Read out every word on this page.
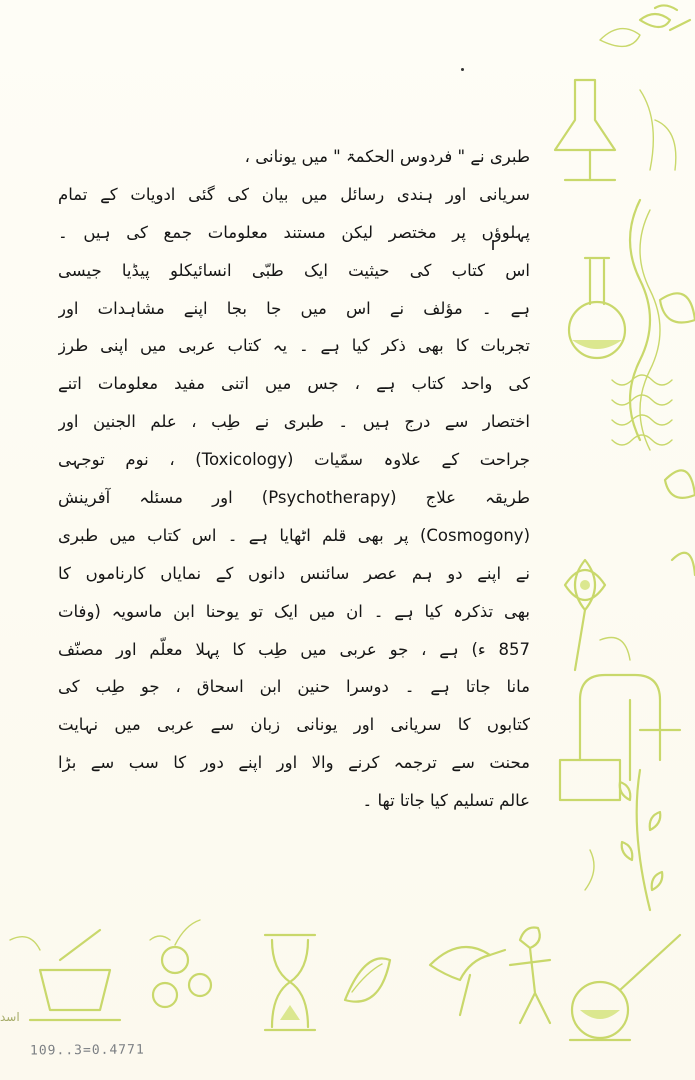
طبری نے " فردوس الحکمۃ " میں یونانی ،
سریانی اور ہندی رسائل میں بیان کی گئی ادویات کے تمام
پہلوؤں پر مختصر لیکن مستند معلومات جمع کی ہیں ۔
اس کتاب کی حیثیت ایک طبّی انسائیکلو پیڈیا جیسی
ہے ۔ مؤلف نے اس میں جا بجا اپنے مشاہدات اور
تجربات کا بھی ذکر کیا ہے ۔ یہ کتاب عربی میں اپنی طرز
کی واحد کتاب ہے ، جس میں اتنی مفید معلومات اتنے
اختصار سے درج ہیں ۔ طبری نے طِب ، علم الجنین اور
جراحت کے علاوہ سمّیات (Toxicology) ، نوم توجہی
طریقہ علاج (Psychotherapy) اور مسئلہ آفرینش
(Cosmogony) پر بھی قلم اٹھایا ہے ۔ اس کتاب میں طبری
نے اپنے دو ہم عصر سائنس دانوں کے نمایاں کارناموں کا
بھی تذکرہ کیا ہے ۔ ان میں ایک تو یوحنا ابن ماسویہ (وفات
857 ء) ہے ، جو عربی میں طِب کا پہلا معلّم اور مصنّف
مانا جاتا ہے ۔ دوسرا حنین ابن اسحاق ، جو طِب کی
کتابوں کا سریانی اور یونانی زبان سے عربی میں نہایت
محنت سے ترجمہ کرنے والا اور اپنے دور کا سب سے بڑا
عالم تسلیم کیا جاتا تھا ۔
اسد
109..3=0.4771
